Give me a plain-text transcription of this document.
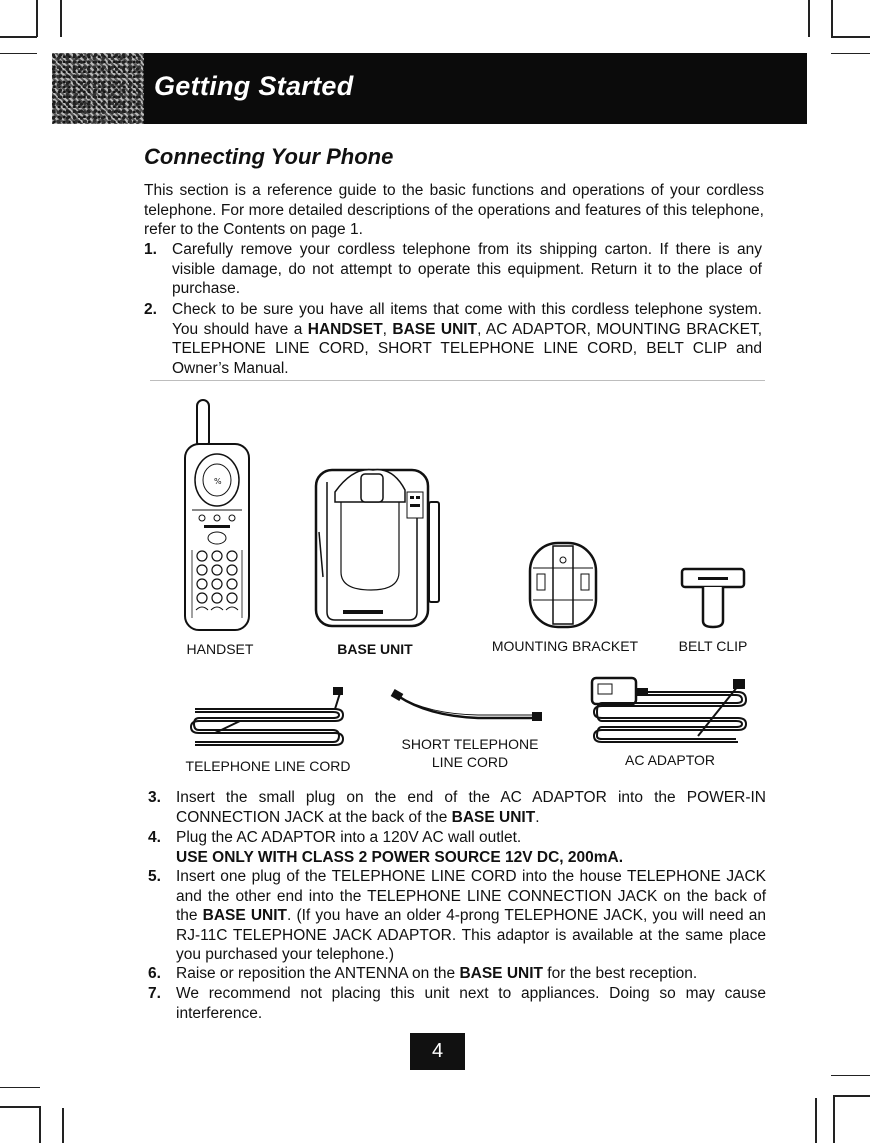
Getting Started
Connecting Your Phone
This section is a reference guide to the basic functions and operations of your cordless telephone. For more detailed descriptions of the operations and features of this telephone, refer to the Contents on page 1.
1. Carefully remove your cordless telephone from its shipping carton. If there is any visible damage, do not attempt to operate this equipment. Return it to the place of purchase.
2. Check to be sure you have all items that come with this cordless telephone system. You should have a HANDSET, BASE UNIT, AC ADAPTOR, MOUNTING BRACKET, TELEPHONE LINE CORD, SHORT TELEPHONE LINE CORD, BELT CLIP and Owner’s Manual.
%
HANDSET	BASE UNIT	MOUNTING BRACKET	BELT CLIP
TELEPHONE LINE CORD
SHORT TELEPHONE
LINE CORD	AC ADAPTOR
3. Insert the small plug on the end of the AC ADAPTOR into the POWER-IN CONNECTION JACK at the back of the BASE UNIT.
4. Plug the AC ADAPTOR into a 120V AC wall outlet.
USE ONLY WITH CLASS 2 POWER SOURCE 12V DC, 200mA.
5. Insert one plug of the TELEPHONE LINE CORD into the house TELEPHONE JACK and the other end into the TELEPHONE LINE CONNECTION JACK on the back of the BASE UNIT. (If you have an older 4-prong TELEPHONE JACK, you will need an RJ-11C TELEPHONE JACK ADAPTOR. This adaptor is available at the same place you purchased your telephone.)
6. Raise or reposition the ANTENNA on the BASE UNIT for the best reception.
7. We recommend not placing this unit next to appliances. Doing so may cause interference.
4
